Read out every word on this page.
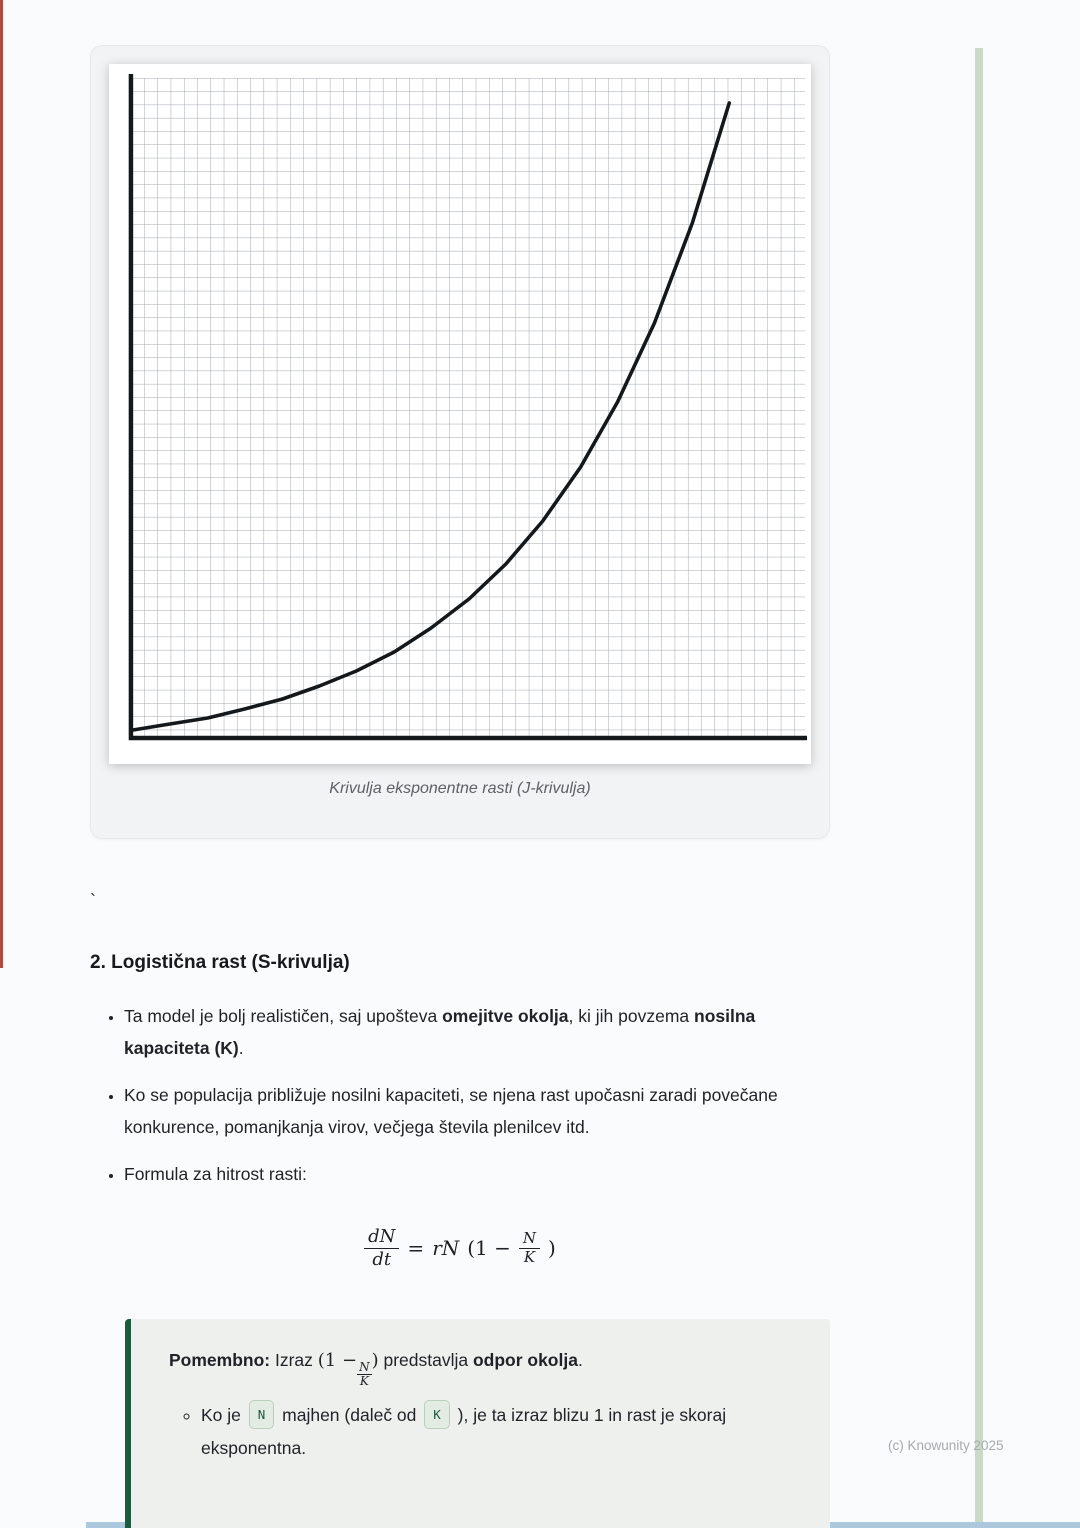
(c) Knowunity 2025
Krivulja eksponentne rasti (J-krivulja)
`
2. Logistična rast (S-krivulja)
• Ta model je bolj realističen, saj upošteva omejitve okolja, ki jih povzema nosilna kapaciteta (K).
• Ko se populacija približuje nosilni kapaciteti, se njena rast upočasni zaradi povečane konkurence, pomanjkanja virov, večjega števila plenilcev itd.
• Formula za hitrost rasti:
$\frac{dN}{dt}$ = rN ($1 - \frac{N}{K}$ )

Pomembno: Izraz (1 −
$\frac{N}{K}$
) predstavlja odpor okolja.

◦ Ko je N majhen (daleč od K ), je ta izraz blizu 1 in rast je skoraj eksponentna.
